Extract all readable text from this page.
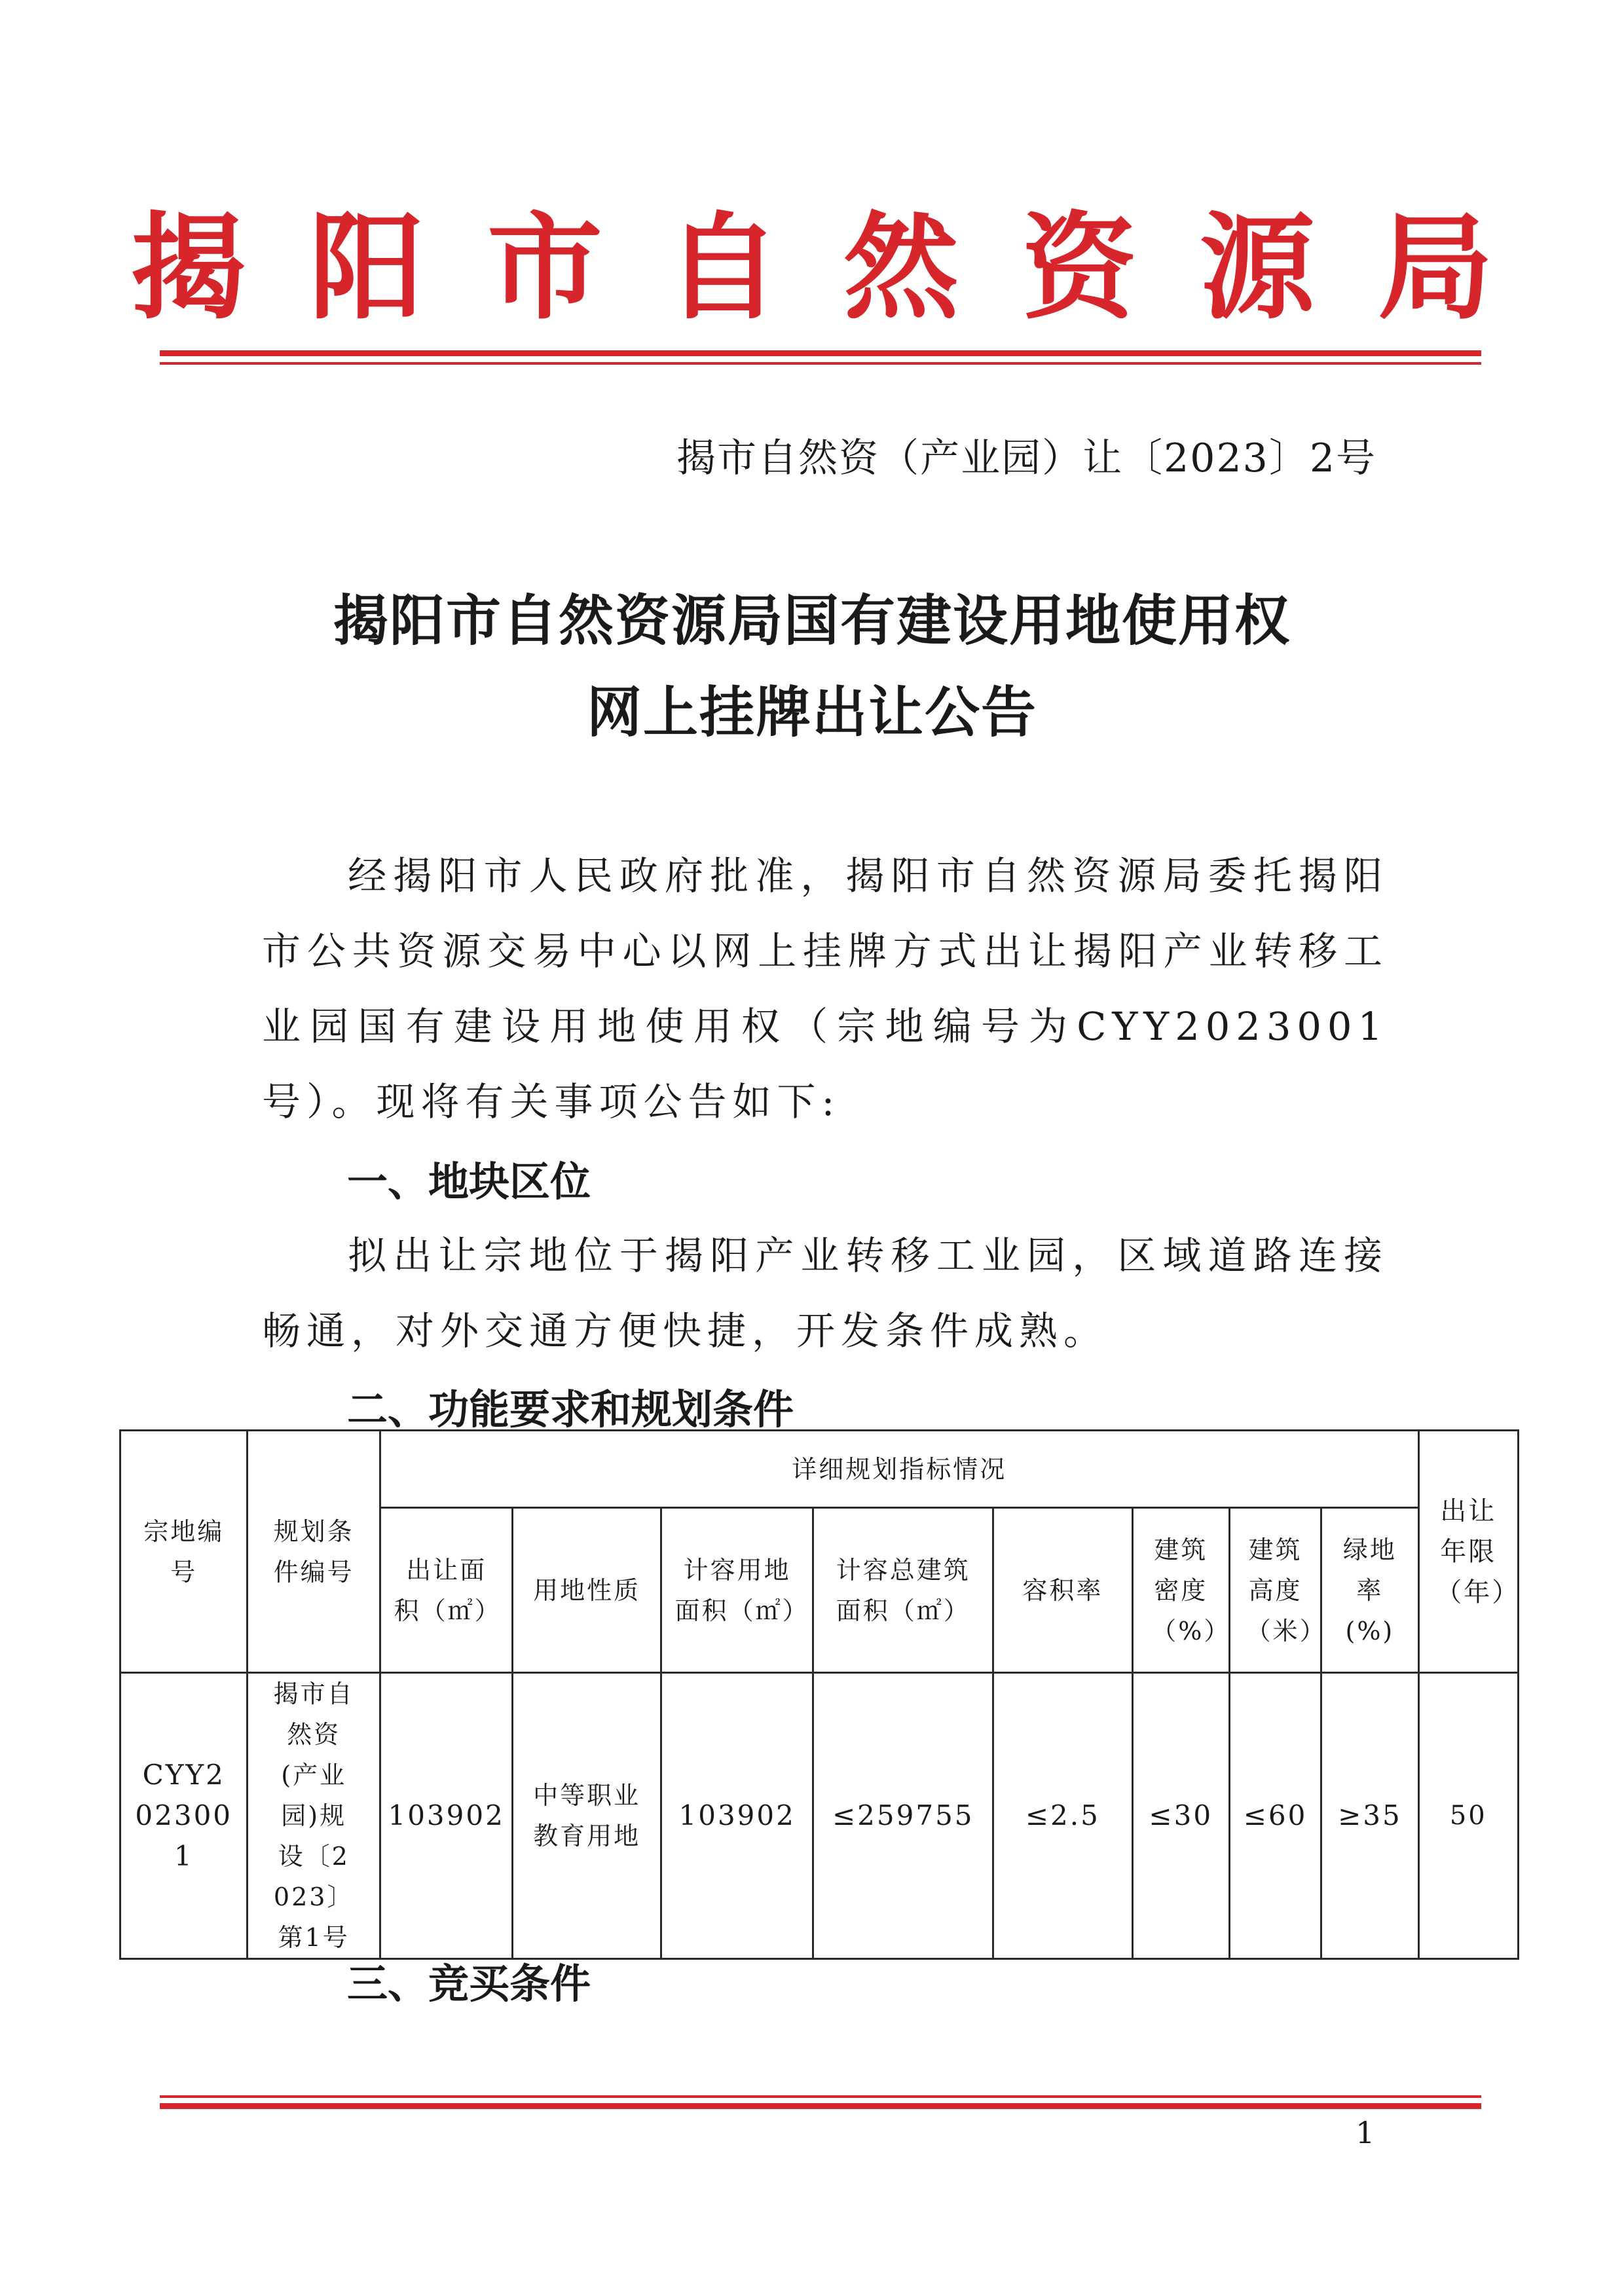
揭阳市自然资源局
揭市自然资（产业园）让〔2023〕2号
揭阳市自然资源局国有建设用地使用权
网上挂牌出让公告
经揭阳市人民政府批准，揭阳市自然资源局委托揭阳市公共资源交易中心以网上挂牌方式出让揭阳产业转移工业园国有建设用地使用权（宗地编号为CYY2023001号）。现将有关事项公告如下:
一、地块区位
拟出让宗地位于揭阳产业转移工业园，区域道路连接畅通，对外交通方便快捷，开发条件成熟。
二、功能要求和规划条件
宗地编号	规划条件编号	详细规划指标情况								出让年限（年）
		出让面积（㎡）	用地性质	计容用地面积（㎡）	计容总建筑面积（㎡）	容积率	建筑密度（%）	建筑高度（米）	绿地率(%)	
CYY2023001	揭市自然资(产业园)规设〔2023〕第1号	103902	中等职业教育用地	103902	≤259755	≤2.5	≤30	≤60	≥35	50
三、竞买条件
1
